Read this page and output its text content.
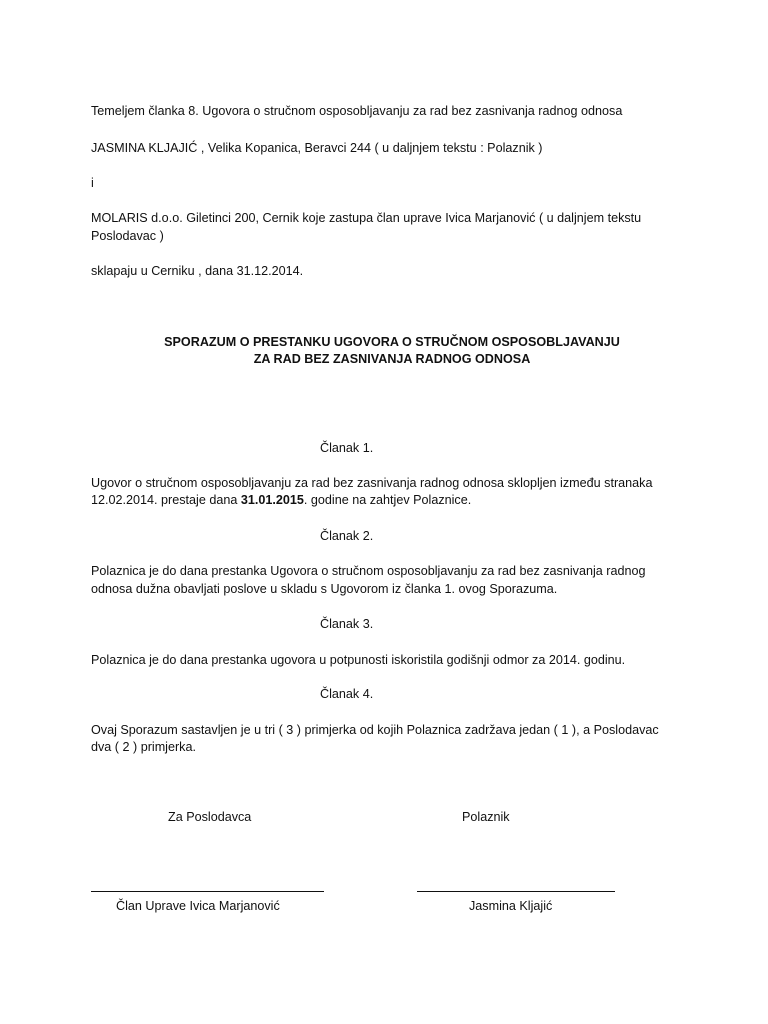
Temeljem članka 8. Ugovora o stručnom osposobljavanju za rad bez zasnivanja radnog odnosa
JASMINA KLJAJIĆ , Velika Kopanica, Beravci 244 ( u daljnjem tekstu : Polaznik )
i
MOLARIS d.o.o. Giletinci 200, Cernik koje zastupa član uprave Ivica Marjanović ( u daljnjem tekstu
Poslodavac )
sklapaju u Cerniku , dana 31.12.2014.
SPORAZUM O PRESTANKU UGOVORA O STRUČNOM OSPOSOBLJAVANJU
ZA RAD BEZ ZASNIVANJA RADNOG ODNOSA
Članak 1.
Ugovor o stručnom osposobljavanju za rad bez zasnivanja radnog odnosa sklopljen između stranaka
12.02.2014. prestaje dana 31.01.2015. godine na zahtjev Polaznice.
Članak 2.
Polaznica je do dana prestanka Ugovora o stručnom osposobljavanju za rad bez zasnivanja radnog
odnosa dužna obavljati poslove u skladu s Ugovorom iz članka 1. ovog Sporazuma.
Članak 3.
Polaznica je do dana prestanka ugovora u potpunosti iskoristila godišnji odmor za 2014. godinu.
Članak 4.
Ovaj Sporazum sastavljen je u tri ( 3 ) primjerka od kojih Polaznica zadržava jedan ( 1 ), a Poslodavac
dva ( 2 ) primjerka.
Za Poslodavca	Polaznik
Član Uprave Ivica Marjanović	Jasmina Kljajić
